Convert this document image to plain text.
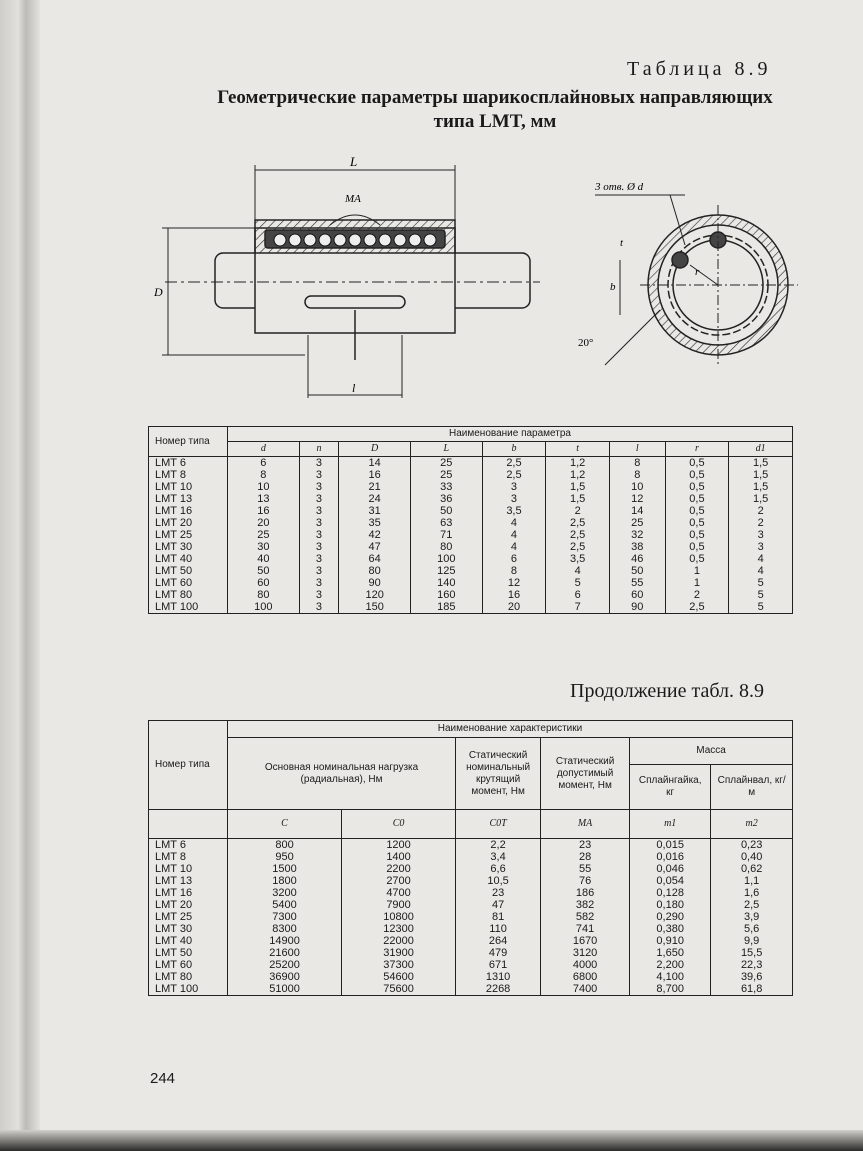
Таблица 8.9
Геометрические параметры шарикосплайновых направляющих
типа LMT, мм
L
MA
D
l
3 отв. Ø d
t
b
r
20°
Номер типа	Наименование параметра								
	d	n	D	L	b	t	l	r	d1
LMT 6	6	3	14	25	2,5	1,2	8	0,5	1,5
LMT 8	8	3	16	25	2,5	1,2	8	0,5	1,5
LMT 10	10	3	21	33	3	1,5	10	0,5	1,5
LMT 13	13	3	24	36	3	1,5	12	0,5	1,5
LMT 16	16	3	31	50	3,5	2	14	0,5	2
LMT 20	20	3	35	63	4	2,5	25	0,5	2
LMT 25	25	3	42	71	4	2,5	32	0,5	3
LMT 30	30	3	47	80	4	2,5	38	0,5	3
LMT 40	40	3	64	100	6	3,5	46	0,5	4
LMT 50	50	3	80	125	8	4	50	1	4
LMT 60	60	3	90	140	12	5	55	1	5
LMT 80	80	3	120	160	16	6	60	2	5
LMT 100	100	3	150	185	20	7	90	2,5	5
Продолжение табл. 8.9
Номер типа	Наименование характеристики					
	Основная номинальная нагрузка (радиальная), Нм		Статический номинальный крутящий момент, Нм	Статический допустимый момент, Нм	Масса	
					Сплайнгайка, кг	Сплайнвал, кг/м
	C	C0	C0T	MA	m1	m2
LMT 6	800	1200	2,2	23	0,015	0,23
LMT 8	950	1400	3,4	28	0,016	0,40
LMT 10	1500	2200	6,6	55	0,046	0,62
LMT 13	1800	2700	10,5	76	0,054	1,1
LMT 16	3200	4700	23	186	0,128	1,6
LMT 20	5400	7900	47	382	0,180	2,5
LMT 25	7300	10800	81	582	0,290	3,9
LMT 30	8300	12300	110	741	0,380	5,6
LMT 40	14900	22000	264	1670	0,910	9,9
LMT 50	21600	31900	479	3120	1,650	15,5
LMT 60	25200	37300	671	4000	2,200	22,3
LMT 80	36900	54600	1310	6800	4,100	39,6
LMT 100	51000	75600	2268	7400	8,700	61,8
244
